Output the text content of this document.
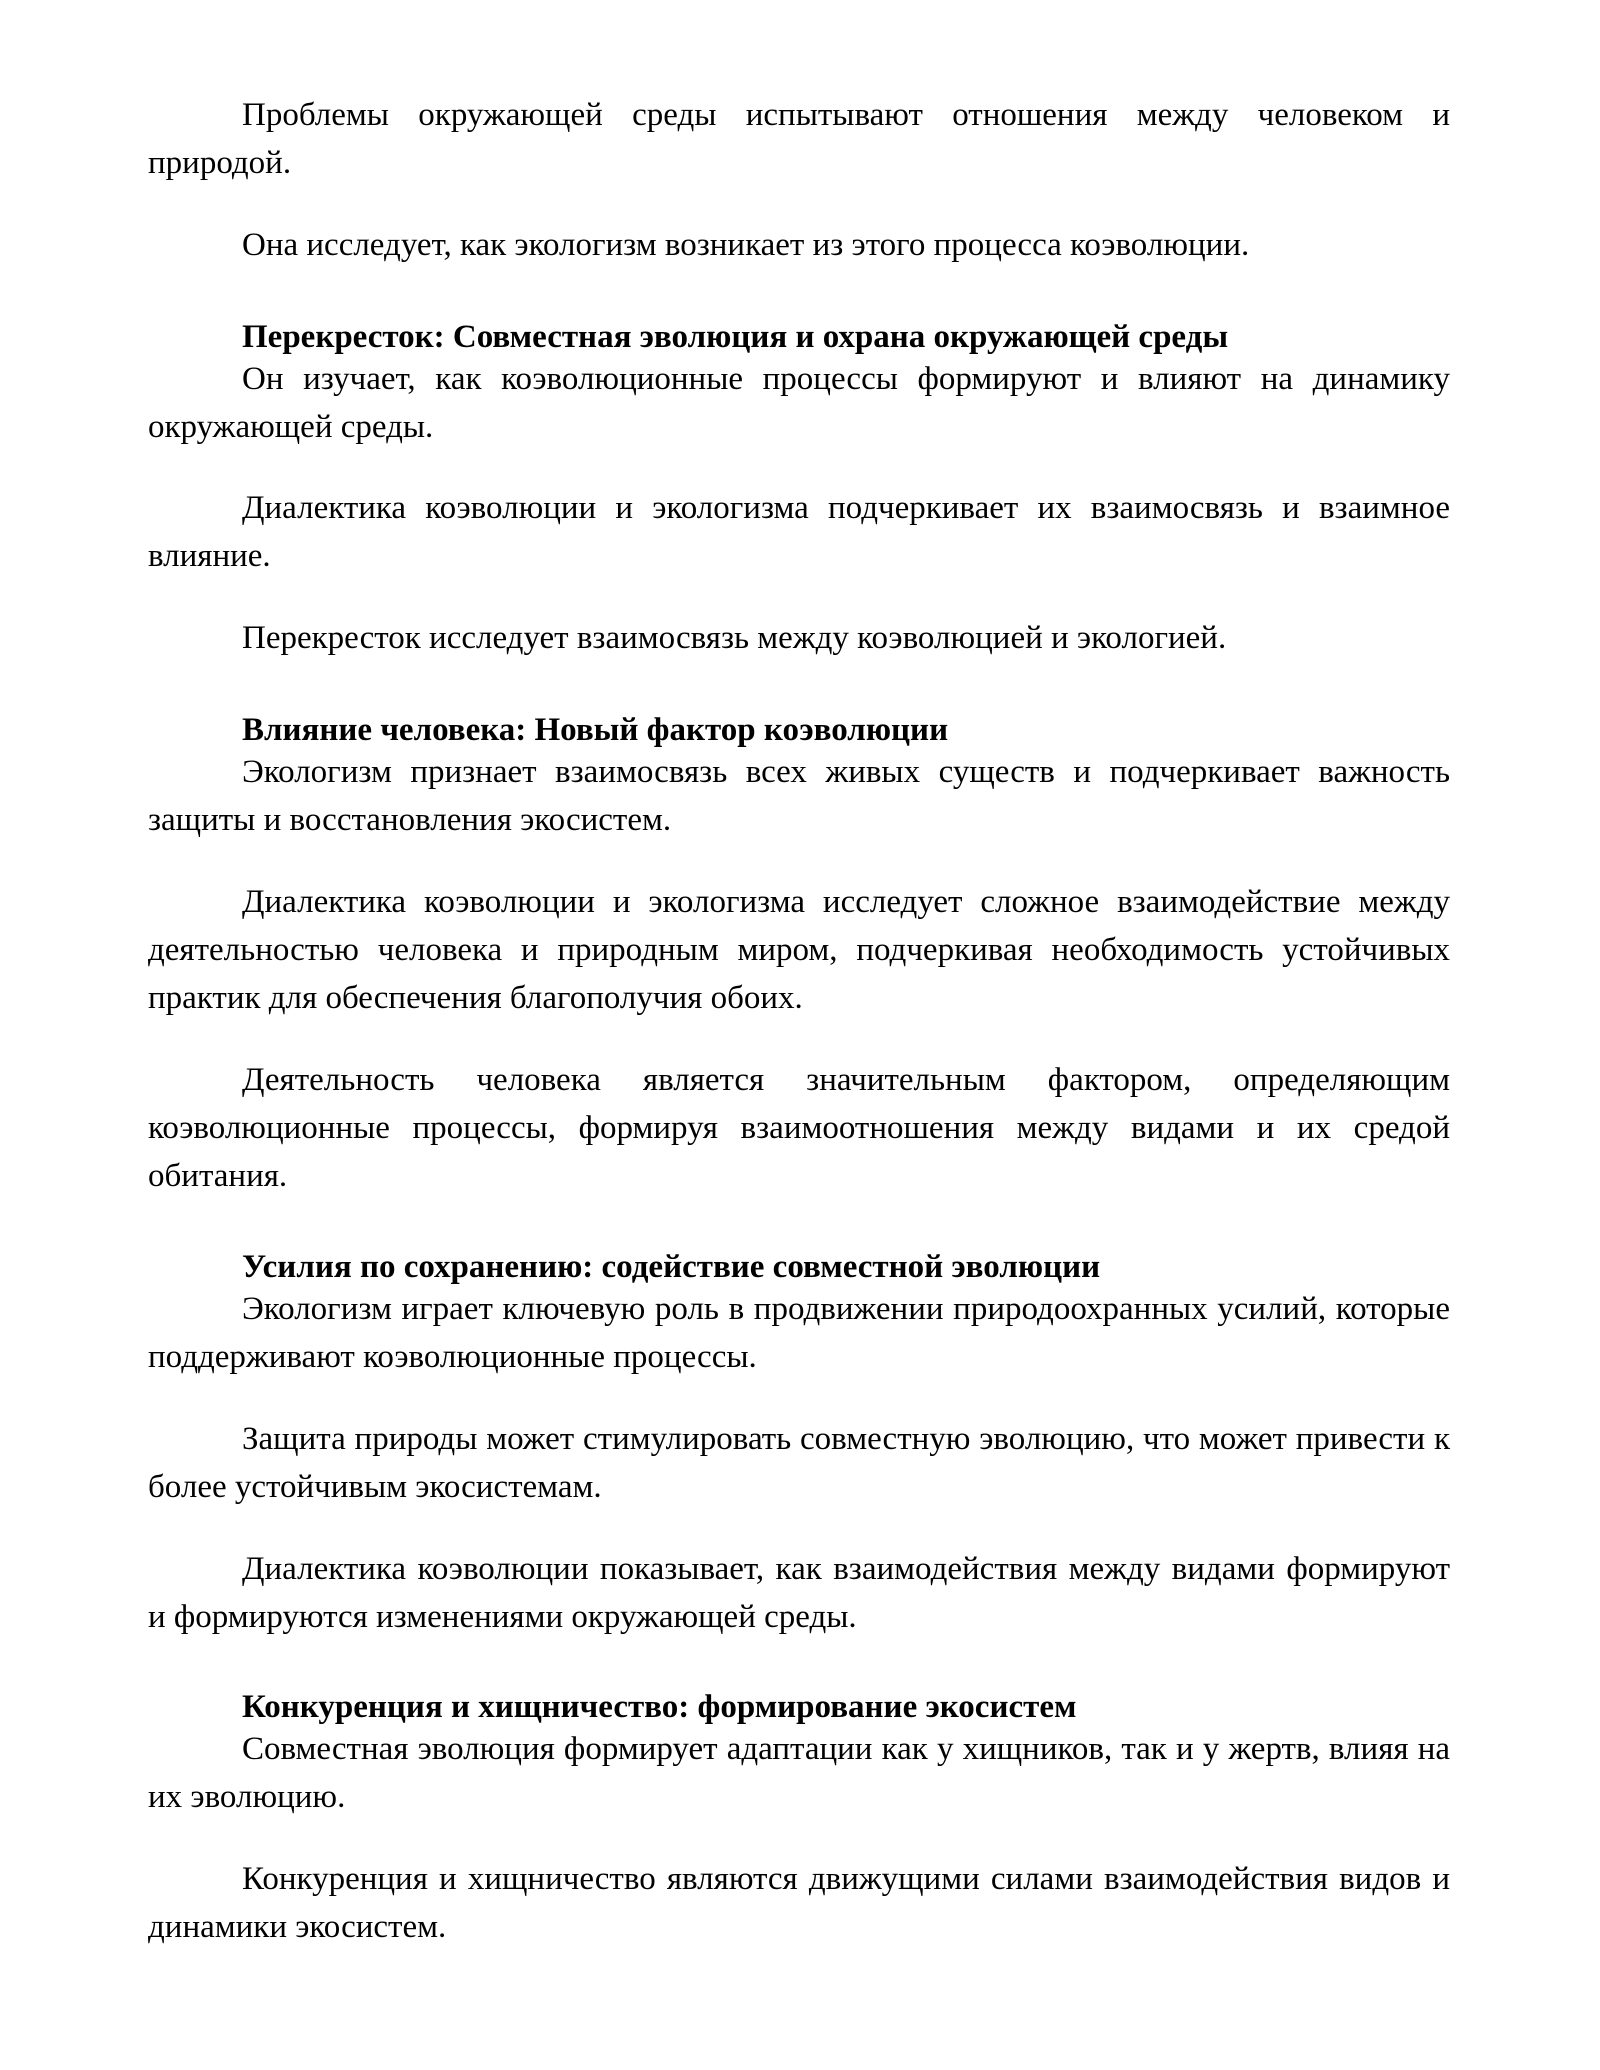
Проблемы окружающей среды испытывают отношения между человеком и природой.

Она исследует, как экологизм возникает из этого процесса коэволюции.

Перекресток: Совместная эволюция и охрана окружающей среды

Он изучает, как коэволюционные процессы формируют и влияют на динамику окружающей среды.

Диалектика коэволюции и экологизма подчеркивает их взаимосвязь и взаимное влияние.

Перекресток исследует взаимосвязь между коэволюцией и экологией.

Влияние человека: Новый фактор коэволюции

Экологизм признает взаимосвязь всех живых существ и подчеркивает важность защиты и восстановления экосистем.

Диалектика коэволюции и экологизма исследует сложное взаимодействие между деятельностью человека и природным миром, подчеркивая необходимость устойчивых практик для обеспечения благополучия обоих.

Деятельность человека является значительным фактором, определяющим коэволюционные процессы, формируя взаимоотношения между видами и их средой обитания.

Усилия по сохранению: содействие совместной эволюции

Экологизм играет ключевую роль в продвижении природоохранных усилий, которые поддерживают коэволюционные процессы.

Защита природы может стимулировать совместную эволюцию, что может привести к более устойчивым экосистемам.

Диалектика коэволюции показывает, как взаимодействия между видами формируют и формируются изменениями окружающей среды.

Конкуренция и хищничество: формирование экосистем

Совместная эволюция формирует адаптации как у хищников, так и у жертв, влияя на их эволюцию.

Конкуренция и хищничество являются движущими силами взаимодействия видов и динамики экосистем.
